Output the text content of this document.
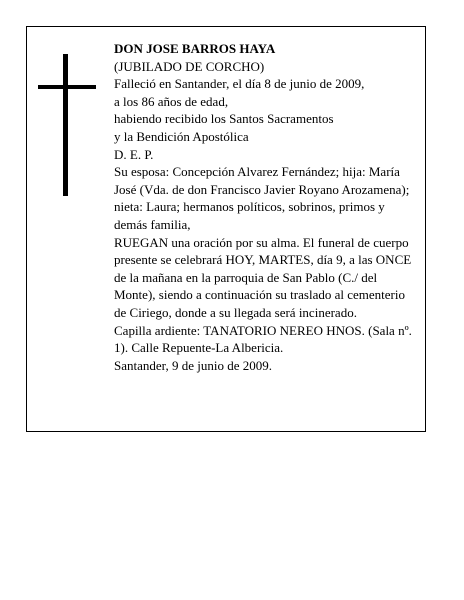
DON JOSE BARROS HAYA

(JUBILADO DE CORCHO)

Falleció en Santander, el día 8 de junio de 2009,

a los 86 años de edad,

habiendo recibido los Santos Sacramentos

y la Bendición Apostólica

D. E. P.

Su esposa: Concepción Alvarez Fernández; hija: María José (Vda. de don Francisco Javier Royano Arozamena); nieta: Laura; hermanos políticos, sobrinos, primos y demás familia,

RUEGAN una oración por su alma. El funeral de cuerpo presente se celebrará HOY, MARTES, día 9, a las ONCE de la mañana en la parroquia de San Pablo (C./ del Monte), siendo a continuación su traslado al cementerio de Ciriego, donde a su llegada será incinerado.

Capilla ardiente: TANATORIO NEREO HNOS. (Sala nº. 1). Calle Repuente-La Albericia.

Santander, 9 de junio de 2009.
